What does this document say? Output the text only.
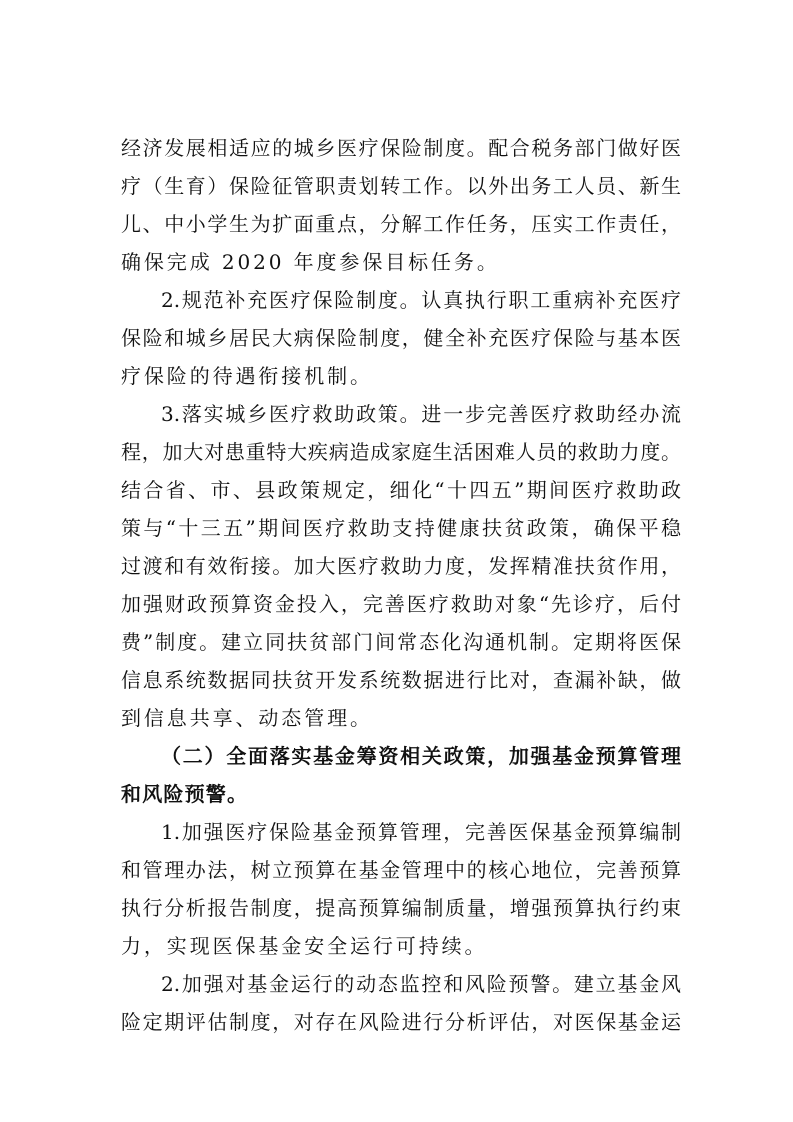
经济发展相适应的城乡医疗保险制度。配合税务部门做好医
疗（生育）保险征管职责划转工作。以外出务工人员、新生
儿、中小学生为扩面重点，分解工作任务，压实工作责任，
确保完成 2020 年度参保目标任务。
2.规范补充医疗保险制度。认真执行职工重病补充医疗
保险和城乡居民大病保险制度，健全补充医疗保险与基本医
疗保险的待遇衔接机制。
3.落实城乡医疗救助政策。进一步完善医疗救助经办流
程，加大对患重特大疾病造成家庭生活困难人员的救助力度。
结合省、市、县政策规定，细化“十四五”期间医疗救助政
策与“十三五”期间医疗救助支持健康扶贫政策，确保平稳
过渡和有效衔接。加大医疗救助力度，发挥精准扶贫作用，
加强财政预算资金投入，完善医疗救助对象“先诊疗，后付
费”制度。建立同扶贫部门间常态化沟通机制。定期将医保
信息系统数据同扶贫开发系统数据进行比对，查漏补缺，做
到信息共享、动态管理。
（二）全面落实基金筹资相关政策，加强基金预算管理
和风险预警。
1.加强医疗保险基金预算管理，完善医保基金预算编制
和管理办法，树立预算在基金管理中的核心地位，完善预算
执行分析报告制度，提高预算编制质量，增强预算执行约束
力，实现医保基金安全运行可持续。
2.加强对基金运行的动态监控和风险预警。建立基金风
险定期评估制度，对存在风险进行分析评估，对医保基金运
